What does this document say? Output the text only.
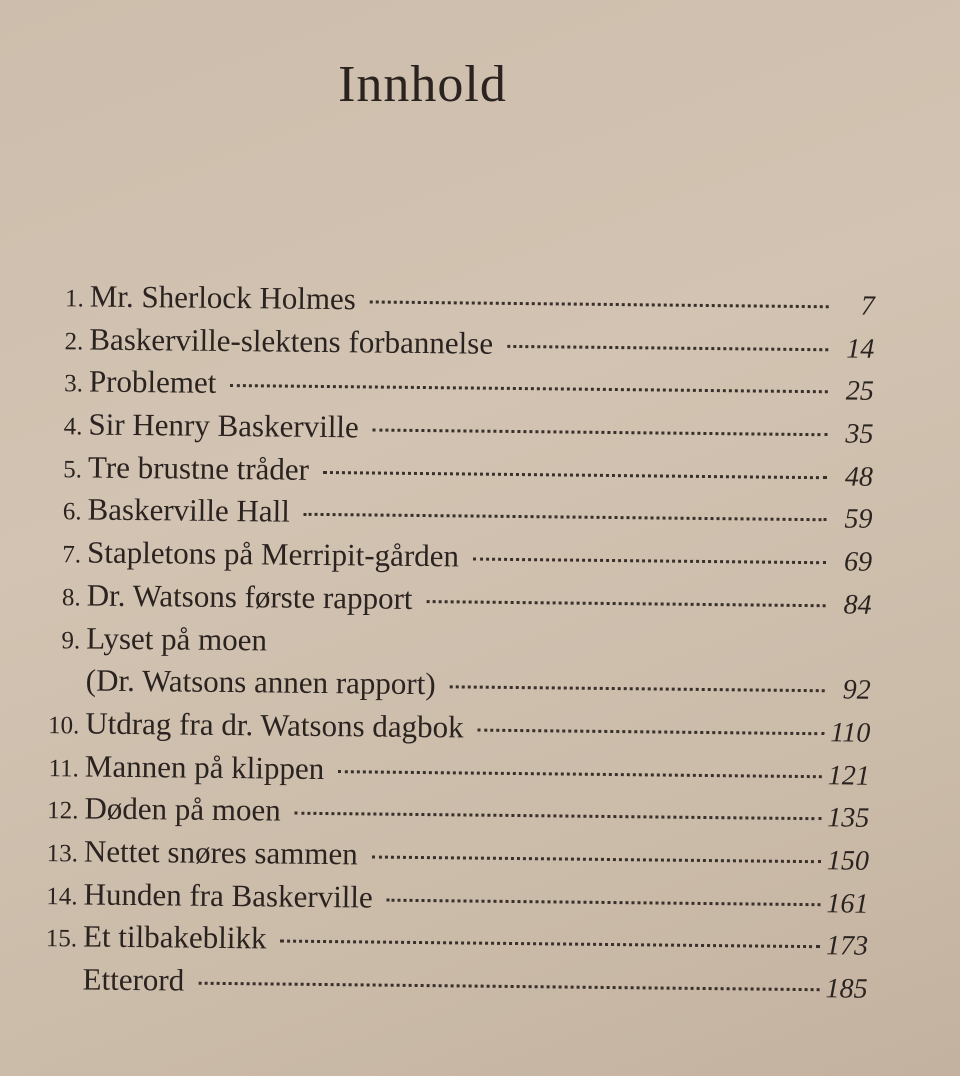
Innhold
1. Mr. Sherlock Holmes	7
2. Baskerville-slektens forbannelse	14
3. Problemet	25
4. Sir Henry Baskerville	35
5. Tre brustne tråder	48
6. Baskerville Hall	59
7. Stapletons på Merripit-gården	69
8. Dr. Watsons første rapport	84
9. Lyset på moen
(Dr. Watsons annen rapport)	92
10. Utdrag fra dr. Watsons dagbok	110
11. Mannen på klippen	121
12. Døden på moen	135
13. Nettet snøres sammen	150
14. Hunden fra Baskerville	161
15. Et tilbakeblikk	173
Etterord	185
